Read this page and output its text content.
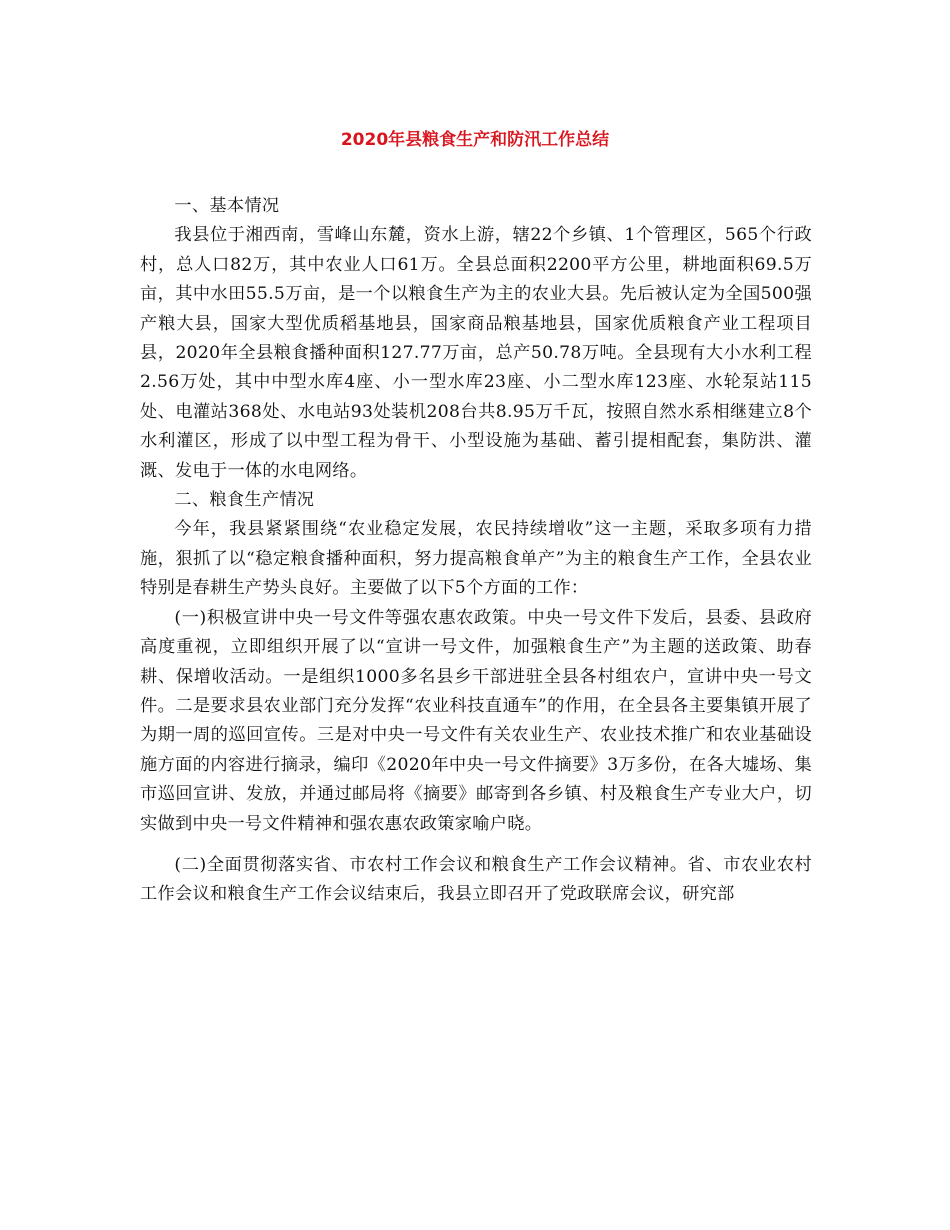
2020年县粮食生产和防汛工作总结

一、基本情况

我县位于湘西南，雪峰山东麓，资水上游，辖22个乡镇、1个管理区，565个行政村，总人口82万，其中农业人口61万。全县总面积2200平方公里，耕地面积69.5万亩，其中水田55.5万亩，是一个以粮食生产为主的农业大县。先后被认定为全国500强产粮大县，国家大型优质稻基地县，国家商品粮基地县，国家优质粮食产业工程项目县，2020年全县粮食播种面积127.77万亩，总产50.78万吨。全县现有大小水利工程2.56万处，其中中型水库4座、小一型水库23座、小二型水库123座、水轮泵站115处、电灌站368处、水电站93处装机208台共8.95万千瓦，按照自然水系相继建立8个水利灌区，形成了以中型工程为骨干、小型设施为基础、蓄引提相配套，集防洪、灌溉、发电于一体的水电网络。

二、粮食生产情况

今年，我县紧紧围绕“农业稳定发展，农民持续增收”这一主题，采取多项有力措施，狠抓了以“稳定粮食播种面积，努力提高粮食单产”为主的粮食生产工作，全县农业特别是春耕生产势头良好。主要做了以下5个方面的工作：

(一)积极宣讲中央一号文件等强农惠农政策。中央一号文件下发后，县委、县政府高度重视，立即组织开展了以“宣讲一号文件，加强粮食生产”为主题的送政策、助春耕、保增收活动。一是组织1000多名县乡干部进驻全县各村组农户，宣讲中央一号文件。二是要求县农业部门充分发挥“农业科技直通车”的作用，在全县各主要集镇开展了为期一周的巡回宣传。三是对中央一号文件有关农业生产、农业技术推广和农业基础设施方面的内容进行摘录，编印《2020年中央一号文件摘要》3万多份，在各大墟场、集市巡回宣讲、发放，并通过邮局将《摘要》邮寄到各乡镇、村及粮食生产专业大户，切实做到中央一号文件精神和强农惠农政策家喻户晓。

(二)全面贯彻落实省、市农村工作会议和粮食生产工作会议精神。省、市农业农村工作会议和粮食生产工作会议结束后，我县立即召开了党政联席会议，研究部
